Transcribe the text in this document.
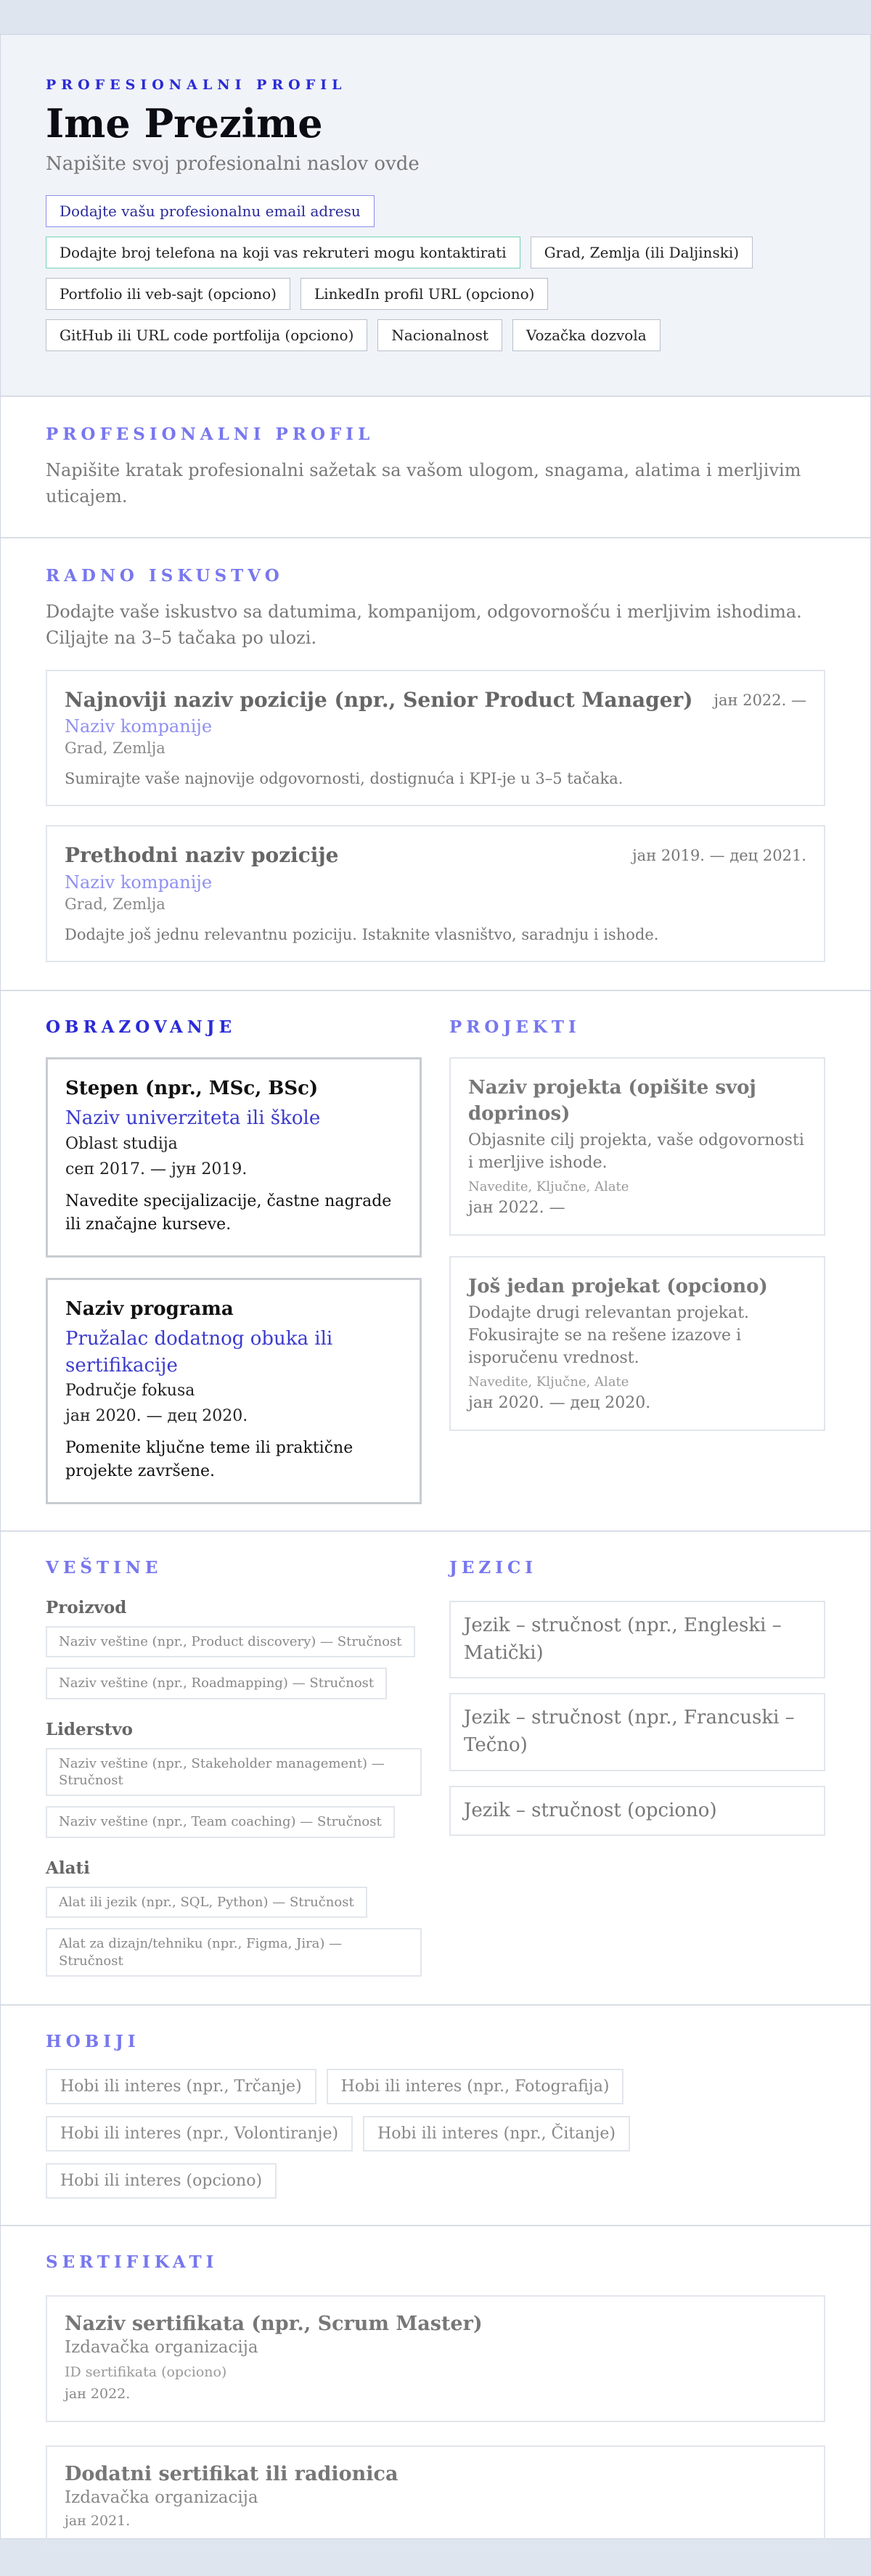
PROFESIONALNI PROFIL
Ime Prezime
Napišite svoj profesionalni naslov ovde
Dodajte vašu profesionalnu email adresu
Dodajte broj telefona na koji vas rekruteri mogu kontaktirati	Grad, Zemlja (ili Daljinski)
Portfolio ili veb-sajt (opciono)	LinkedIn profil URL (opciono)
GitHub ili URL code portfolija (opciono)	Nacionalnost	Vozačka dozvola
PROFESIONALNI PROFIL
Napišite kratak profesionalni sažetak sa vašom ulogom, snagama, alatima i merljivim uticajem.
RADNO ISKUSTVO
Dodajte vaše iskustvo sa datumima, kompanijom, odgovornošću i merljivim ishodima. Ciljajte na 3–5 tačaka po ulozi.
Najnoviji naziv pozicije (npr., Senior Product Manager) јан 2022. —
Naziv kompanije
Grad, Zemlja
Sumirajte vaše najnovije odgovornosti, dostignuća i KPI-je u 3–5 tačaka.
Prethodni naziv pozicije	јан 2019. — дец 2021.
Naziv kompanije
Grad, Zemlja
Dodajte još jednu relevantnu poziciju. Istaknite vlasništvo, saradnju i ishode.
OBRAZOVANJE
Stepen (npr., MSc, BSc)
Naziv univerziteta ili škole
Oblast studija
сеп 2017. — јун 2019.
Navedite specijalizacije, častne nagrade ili značajne kurseve.
Naziv programa
Pružalac dodatnog obuka ili sertifikacije
Područje fokusa
јан 2020. — дец 2020.
Pomenite ključne teme ili praktične projekte završene.
PROJEKTI
Naziv projekta (opišite svoj doprinos)
Objasnite cilj projekta, vaše odgovornosti i merljive ishode.
Navedite, Ključne, Alate
јан 2022. —
Još jedan projekat (opciono)
Dodajte drugi relevantan projekat. Fokusirajte se na rešene izazove i isporučenu vrednost.
Navedite, Ključne, Alate
јан 2020. — дец 2020.
VEŠTINE
Proizvod
Naziv veštine (npr., Product discovery) — Stručnost
Naziv veštine (npr., Roadmapping) — Stručnost
Liderstvo
Naziv veštine (npr., Stakeholder management) — Stručnost
Naziv veštine (npr., Team coaching) — Stručnost
Alati
Alat ili jezik (npr., SQL, Python) — Stručnost
Alat za dizajn/tehniku (npr., Figma, Jira) — Stručnost
JEZICI
Jezik – stručnost (npr., Engleski – Matički)
Jezik – stručnost (npr., Francuski – Tečno)
Jezik – stručnost (opciono)
HOBIJI
Hobi ili interes (npr., Trčanje)	Hobi ili interes (npr., Fotografija)
Hobi ili interes (npr., Volontiranje)	Hobi ili interes (npr., Čitanje)
Hobi ili interes (opciono)
SERTIFIKATI
Naziv sertifikata (npr., Scrum Master)
Izdavačka organizacija
ID sertifikata (opciono)
јан 2022.
Dodatni sertifikat ili radionica
Izdavačka organizacija
јан 2021.
